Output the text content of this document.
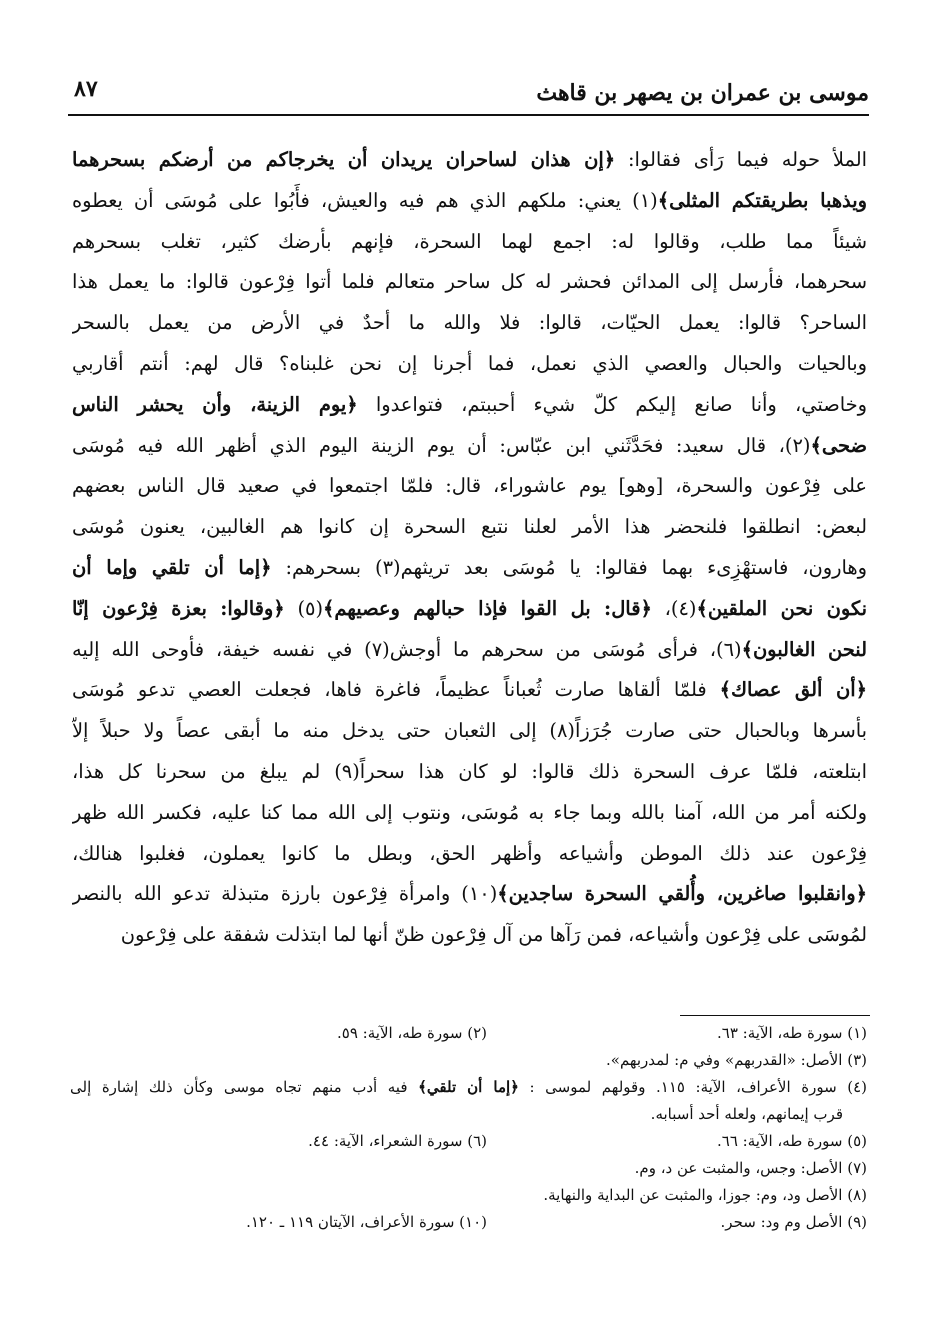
موسى بن عمران بن يصهر بن قاهث
٨٧
الملأ حوله فيما رَأى فقالوا: ﴿إن هذان لساحران يريدان أن يخرجاكم من أرضكم بسحرهما
ويذهبا بطريقتكم المثلى﴾(١) يعني: ملكهم الذي هم فيه والعيش، فأَبُوا على مُوسَى أن يعطوه
شيئاً مما طلب، وقالوا له: اجمع لهما السحرة، فإنهم بأرضك كثير، تغلب بسحرهم
سحرهما، فأرسل إلى المدائن فحشر له كل ساحر متعالم فلما أتوا فِرْعون قالوا: ما يعمل هذا
الساحر؟ قالوا: يعمل الحيّات، قالوا: فلا والله ما أحدٌ في الأرض من يعمل بالسحر
وبالحيات والحبال والعصي الذي نعمل، فما أجرنا إن نحن غلبناه؟ قال لهم: أنتم أقاربي
وخاصتي، وأنا صانع إليكم كلّ شيء أحببتم، فتواعدوا ﴿يوم الزينة، وأن يحشر الناس
ضحى﴾(٢)، قال سعيد: فحَدَّثَني ابن عبّاس: أن يوم الزينة اليوم الذي أظهر الله فيه مُوسَى
على فِرْعون والسحرة، [وهو] يوم عاشوراء، قال: فلمّا اجتمعوا في صعيد قال الناس بعضهم
لبعض: انطلقوا فلنحضر هذا الأمر لعلنا نتبع السحرة إن كانوا هم الغالبين، يعنون مُوسَى
وهارون، فاستهْزِىء بهما فقالوا: يا مُوسَى بعد تريثهم(٣) بسحرهم: ﴿إما أن تلقي وإما أن
نكون نحن الملقين﴾(٤)، ﴿قال: بل القوا فإذا حبالهم وعصيهم﴾(٥) ﴿وقالوا: بعزة فِرْعون إنّا
لنحن الغالبون﴾(٦)، فرأى مُوسَى من سحرهم ما أوجش(٧) في نفسه خيفة، فأوحى الله إليه
﴿أن ألق عصاك﴾ فلمّا ألقاها صارت ثُعباناً عظيماً، فاغرة فاها، فجعلت العصي تدعو مُوسَى
بأسرها وبالحبال حتى صارت جُرَزاً(٨) إلى الثعبان حتى يدخل منه ما أبقى عصاً ولا حبلاً إلاّ
ابتلعته، فلمّا عرف السحرة ذلك قالوا: لو كان هذا سحراً(٩) لم يبلغ من سحرنا كل هذا،
ولكنه أمر من الله، آمنا بالله وبما جاء به مُوسَى، ونتوب إلى الله مما كنا عليه، فكسر الله ظهر
فِرْعون عند ذلك الموطن وأشياعه وأظهر الحق، وبطل ما كانوا يعملون، فغلبوا هنالك،
﴿وانقلبوا صاغرين، وأُلقي السحرة ساجدين﴾(١٠) وامرأة فِرْعون بارزة متبذلة تدعو الله بالنصر
لمُوسَى على فِرْعون وأشياعه، فمن رَآها من آل فِرْعون ظنّ أنها لما ابتذلت شفقة على فِرْعون
(١) سورة طه، الآية: ٦٣.
(٢) سورة طه، الآية: ٥٩.
(٣) الأصل: «القدربهم» وفي م: لمدربهم».
(٤) سورة الأعراف، الآية: ١١٥. وقولهم لموسى : ﴿إما أن تلقي﴾ فيه أدب منهم تجاه موسى وكأن ذلك إشارة إلى
قرب إيمانهم، ولعله أحد أسبابه.
(٥) سورة طه، الآية: ٦٦.
(٦) سورة الشعراء، الآية: ٤٤.
(٧) الأصل: وجس، والمثبت عن د، وم.
(٨) الأصل ود، وم: جوزا، والمثبت عن البداية والنهاية.
(٩) الأصل وم ود: سحر.
(١٠) سورة الأعراف، الآيتان ١١٩ ـ ١٢٠.
